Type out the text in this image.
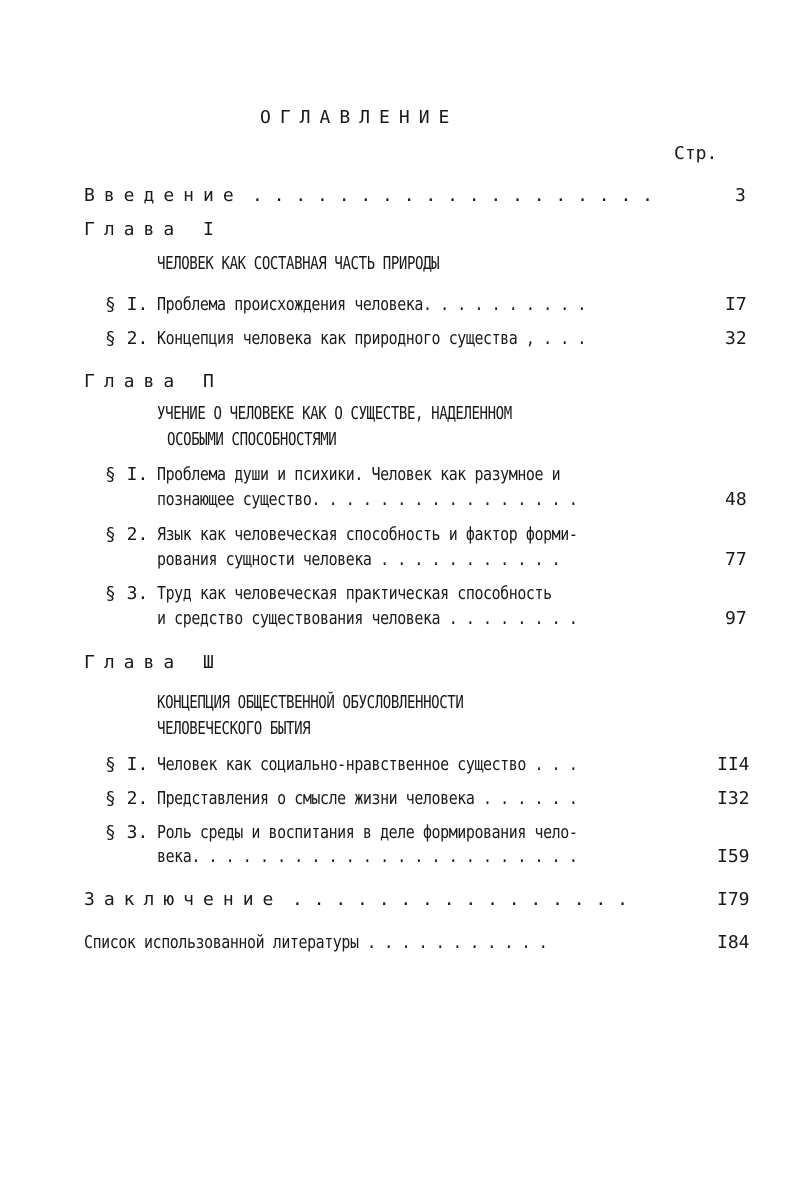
ОГЛАВЛЕНИЕ
Стр.
Введение . . . . . . . . . . . . . . . . . . .	3
Глава I
ЧЕЛОВЕК КАК СОСТАВНАЯ ЧАСТЬ ПРИРОДЫ
§ I. Проблема происхождения человека. . . . . . . . . .	I7
§ 2. Концепция человека как природного существа , . . .	32
Глава П
УЧЕНИЕ О ЧЕЛОВЕКЕ КАК О СУЩЕСТВЕ, НАДЕЛЕННОМ
ОСОБЫМИ СПОСОБНОСТЯМИ
§ I. Проблема души и психики. Человек как разумное и
познающее существо. . . . . . . . . . . . . . . .	48
§ 2. Язык как человеческая способность и фактор форми-
рования сущности человека . . . . . . . . . . .	77
§ 3. Труд как человеческая практическая способность
и средство существования человека . . . . . . . .	97
Глава Ш
КОНЦЕПЦИЯ ОБЩЕСТВЕННОЙ ОБУСЛОВЛЕННОСТИ
ЧЕЛОВЕЧЕСКОГО БЫТИЯ
§ I. Человек как социально-нравственное существо . . .	II4
§ 2. Представления о смысле жизни человека . . . . . .	I32
§ 3. Роль среды и воспитания в деле формирования чело-
века. . . . . . . . . . . . . . . . . . . . . . .	I59
Заключение . . . . . . . . . . . . . . . .	I79
Список использованной литературы . . . . . . . . . . .	I84
